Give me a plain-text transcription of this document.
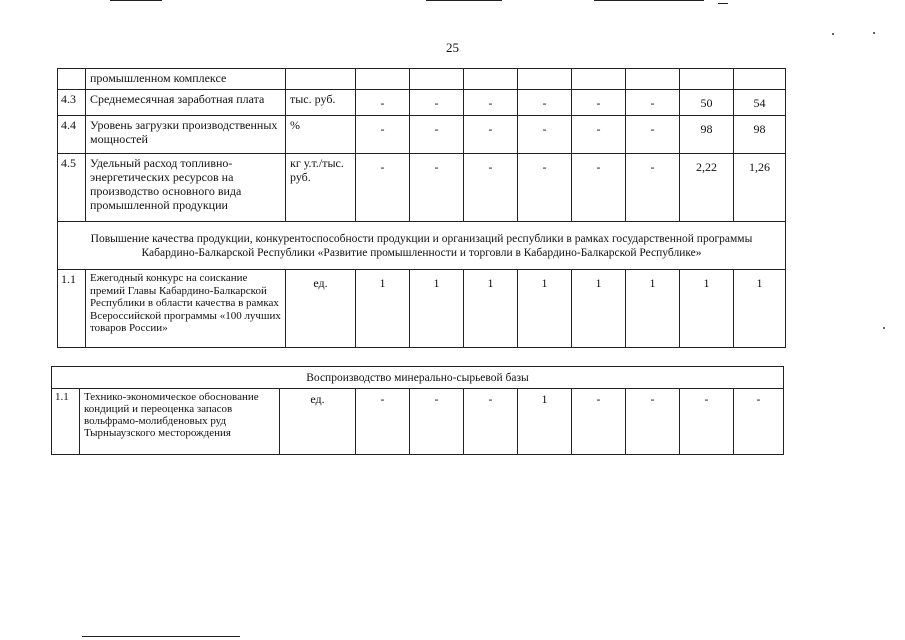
25
	промышленном комплексе									
4.3	Среднемесячная заработная плата	тыс. руб.	-	-	-	-	-	-	50	54
4.4	Уровень загрузки производственных мощностей	%	-	-	-	-	-	-	98	98
4.5	Удельный расход топливно-энергетических ресурсов на производство основного вида промышленной продукции	кг у.т./тыс. руб.	-	-	-	-	-	-	2,22	1,26
Повышение качества продукции, конкурентоспособности продукции и организаций республики в рамках государственной программы Кабардино-Балкарской Республики «Развитие промышленности и торговли в Кабардино-Балкарской Республике»										
1.1	Ежегодный конкурс на соискание премий Главы Кабардино-Балкарской Республики в области качества в рамках Всероссийской программы «100 лучших товаров России»	ед.	1	1	1	1	1	1	1	1
Воспроизводство минерально-сырьевой базы
1.1	Технико-экономическое обоснование кондиций и переоценка запасов вольфрамо-молибденовых руд Тырныаузского месторождения	ед.	-	-	-	1	-	-	-	-
